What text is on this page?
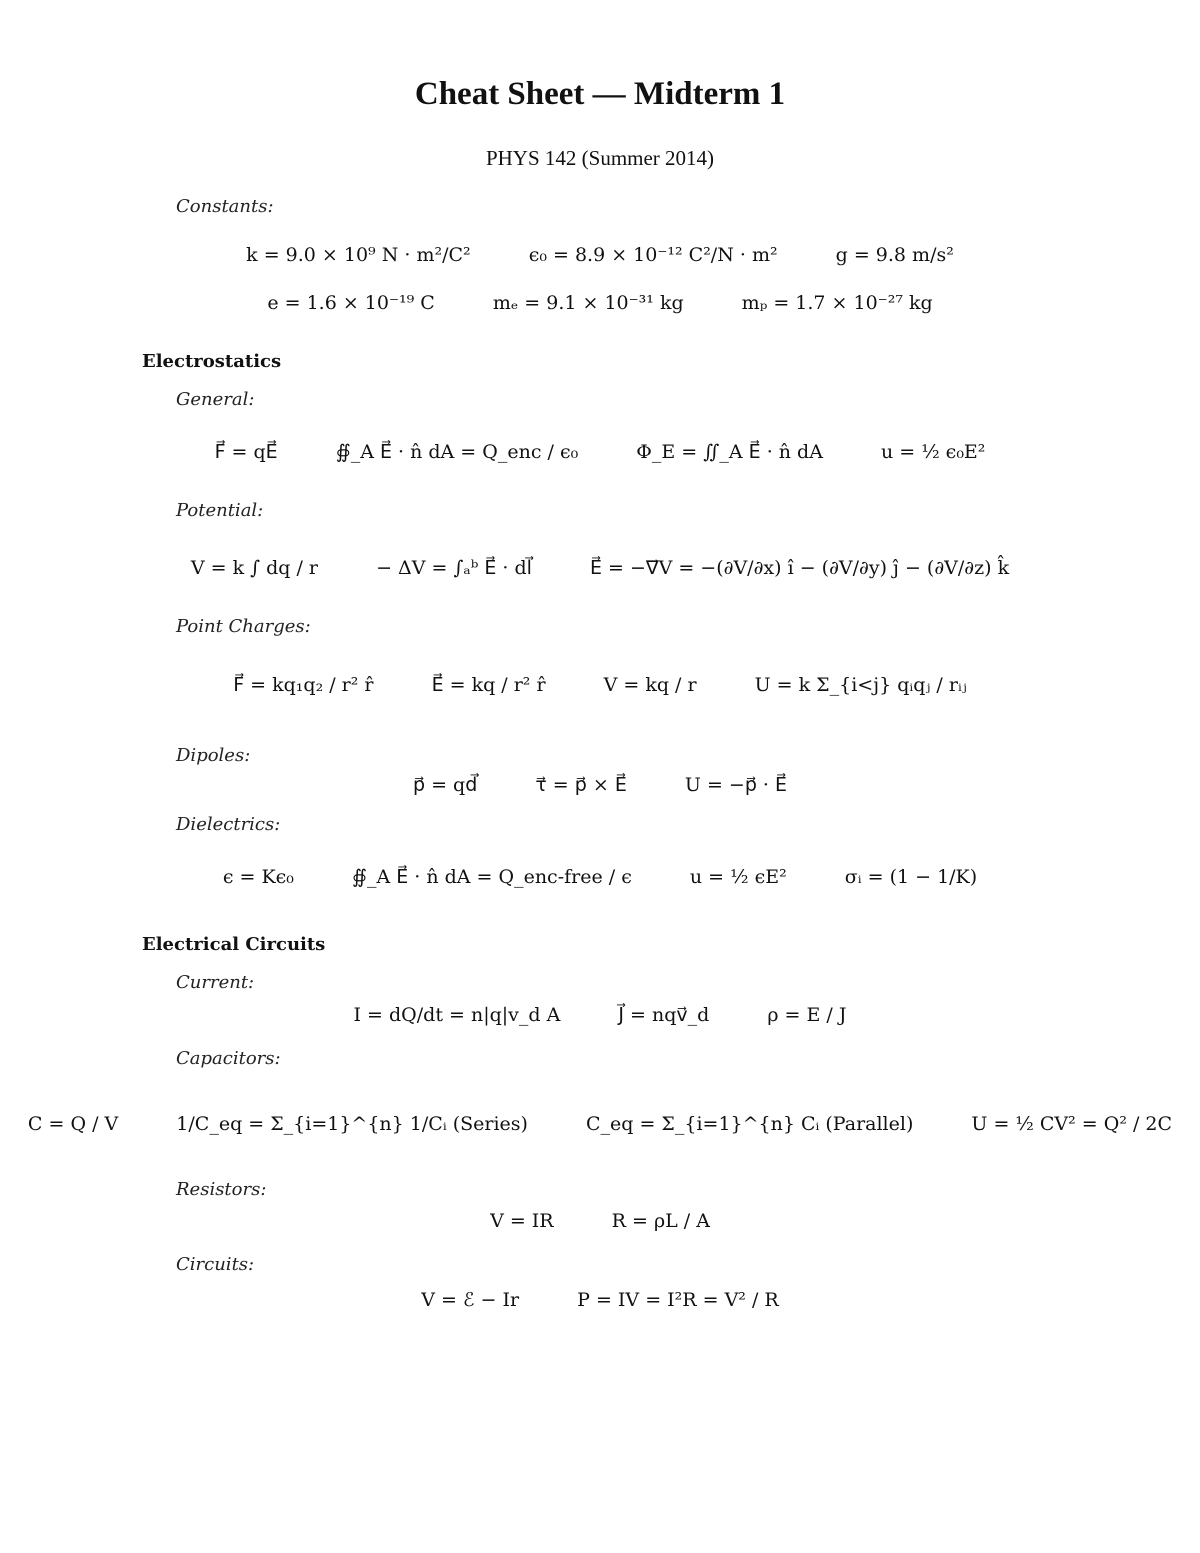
Cheat Sheet — Midterm 1
PHYS 142 (Summer 2014)
Constants:
k = 9.0 × 10⁹ N · m²/C²	ϵ₀ = 8.9 × 10⁻¹² C²/N · m²	g = 9.8 m/s²
e = 1.6 × 10⁻¹⁹ C	mₑ = 9.1 × 10⁻³¹ kg	mₚ = 1.7 × 10⁻²⁷ kg
Electrostatics
General:
F⃗ = qE⃗	∯_A E⃗ · n̂ dA = Q_enc / ϵ₀	Φ_E = ∬_A E⃗ · n̂ dA	u = ½ ϵ₀E²
Potential:
V = k ∫ dq / r	− ΔV = ∫ₐᵇ E⃗ · dl⃗	E⃗ = −∇⃗V = −(∂V/∂x) î − (∂V/∂y) ĵ − (∂V/∂z) k̂
Point Charges:
F⃗ = kq₁q₂ / r² r̂	E⃗ = kq / r² r̂	V = kq / r	U = k Σ_{i<j} qᵢqⱼ / rᵢⱼ
Dipoles:
p⃗ = qd⃗	τ⃗ = p⃗ × E⃗	U = −p⃗ · E⃗
Dielectrics:
ϵ = Kϵ₀	∯_A E⃗ · n̂ dA = Q_enc-free / ϵ	u = ½ ϵE²	σᵢ = (1 − 1/K)
Electrical Circuits
Current:
I = dQ/dt = n|q|v_d A	J⃗ = nqv⃗_d	ρ = E / J
Capacitors:
C = Q / V	1/C_eq = Σ_{i=1}^{n} 1/Cᵢ (Series)	C_eq = Σ_{i=1}^{n} Cᵢ (Parallel)	U = ½ CV² = Q² / 2C
Resistors:
V = IR	R = ρL / A
Circuits:
V = ℰ − Ir	P = IV = I²R = V² / R
